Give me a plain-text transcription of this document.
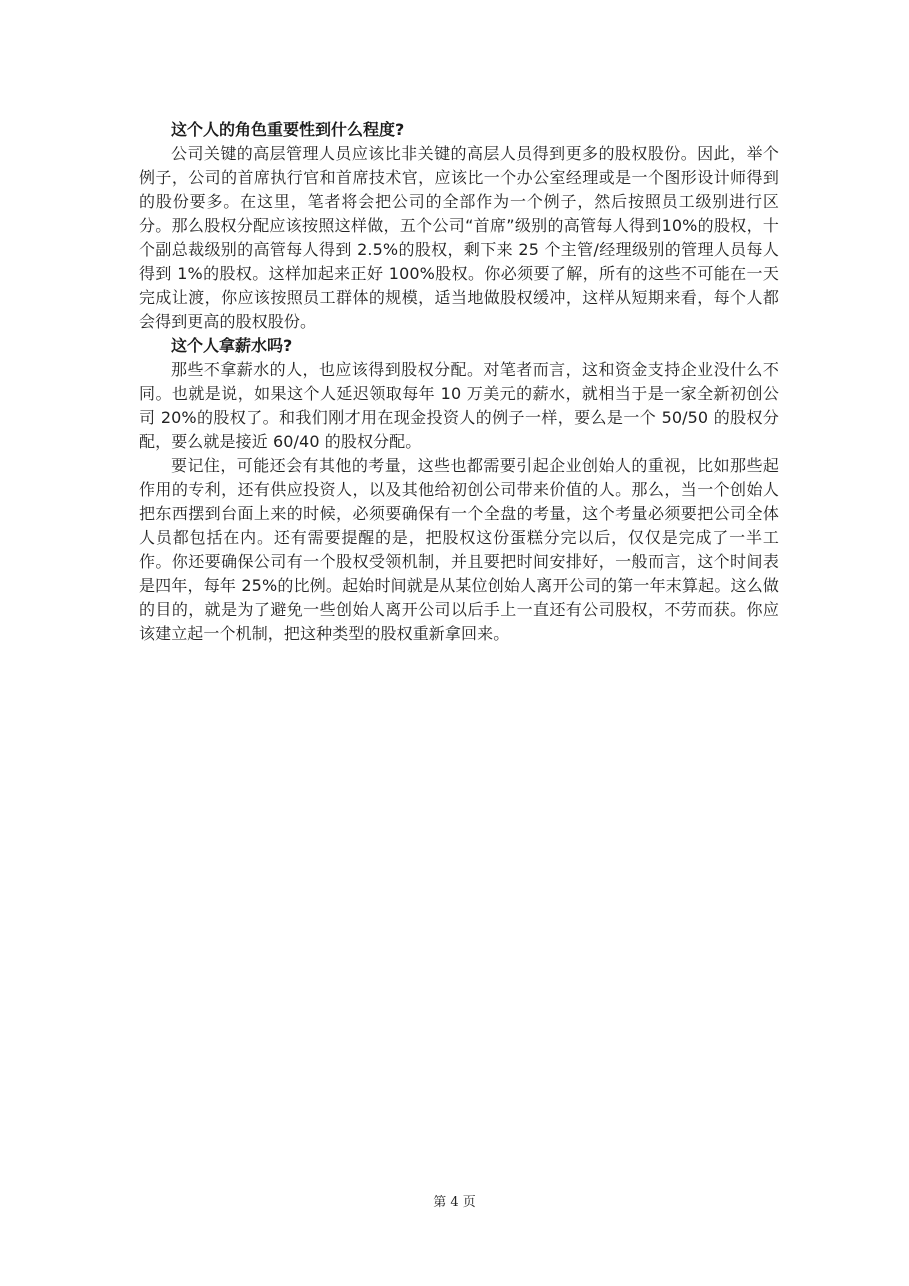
这个人的角色重要性到什么程度?

公司关键的高层管理人员应该比非关键的高层人员得到更多的股权股份。因此，举个例子，公司的首席执行官和首席技术官，应该比一个办公室经理或是一个图形设计师得到的股份要多。在这里，笔者将会把公司的全部作为一个例子，然后按照员工级别进行区分。那么股权分配应该按照这样做，五个公司“首席”级别的高管每人得到10%的股权，十个副总裁级别的高管每人得到 2.5%的股权，剩下来 25 个主管/经理级别的管理人员每人得到 1%的股权。这样加起来正好 100%股权。你必须要了解，所有的这些不可能在一天完成让渡，你应该按照员工群体的规模，适当地做股权缓冲，这样从短期来看，每个人都会得到更高的股权股份。

这个人拿薪水吗?

那些不拿薪水的人，也应该得到股权分配。对笔者而言，这和资金支持企业没什么不同。也就是说，如果这个人延迟领取每年 10 万美元的薪水，就相当于是一家全新初创公司 20%的股权了。和我们刚才用在现金投资人的例子一样，要么是一个 50/50 的股权分配，要么就是接近 60/40 的股权分配。

要记住，可能还会有其他的考量，这些也都需要引起企业创始人的重视，比如那些起作用的专利，还有供应投资人，以及其他给初创公司带来价值的人。那么，当一个创始人把东西摆到台面上来的时候，必须要确保有一个全盘的考量，这个考量必须要把公司全体人员都包括在内。还有需要提醒的是，把股权这份蛋糕分完以后，仅仅是完成了一半工作。你还要确保公司有一个股权受领机制，并且要把时间安排好，一般而言，这个时间表是四年，每年 25%的比例。起始时间就是从某位创始人离开公司的第一年末算起。这么做的目的，就是为了避免一些创始人离开公司以后手上一直还有公司股权，不劳而获。你应该建立起一个机制，把这种类型的股权重新拿回来。

第 4 页
